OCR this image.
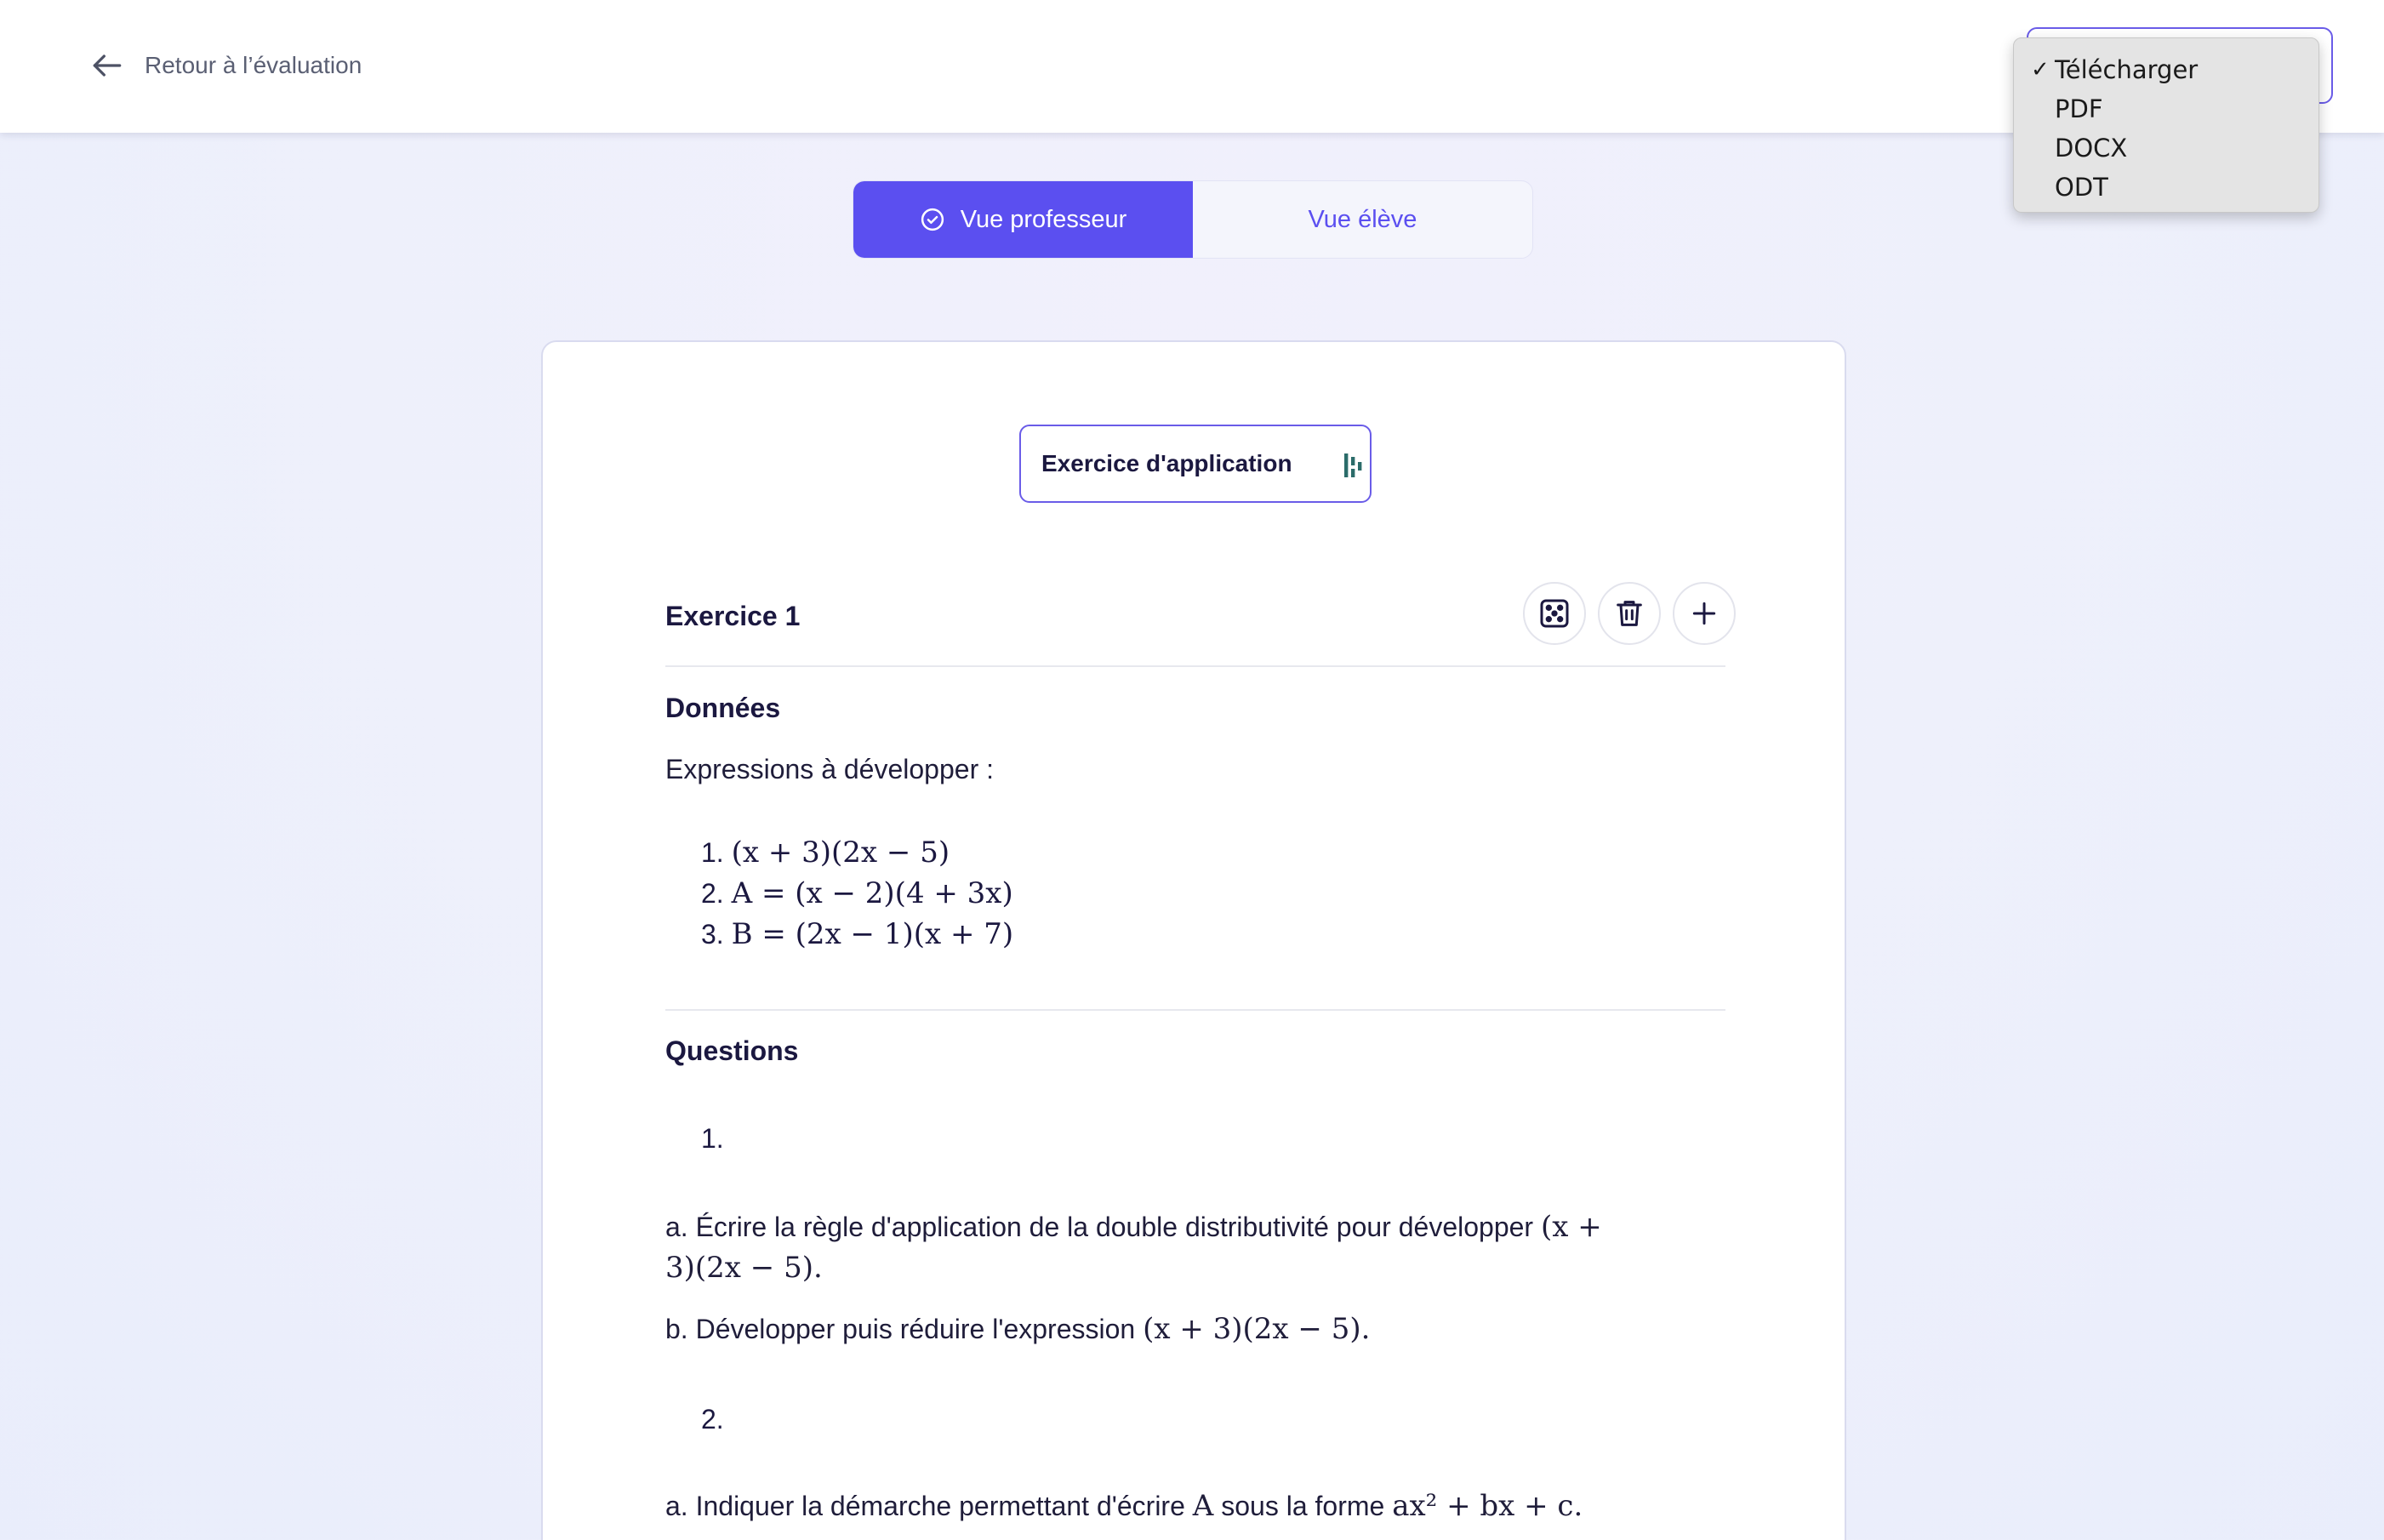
Retour à l’évaluation	✓ Télécharger
PDF
DOCX
ODT
Vue professeur	Vue élève
Exercice d'application
Exercice 1
Données
Expressions à développer :
1. (x + 3)(2x − 5)
2. A = (x − 2)(4 + 3x)
3. B = (2x − 1)(x + 7)
Questions
1.
a. Écrire la règle d'application de la double distributivité pour développer (x +
3)(2x − 5).
b. Développer puis réduire l'expression (x + 3)(2x − 5).
2.
a. Indiquer la démarche permettant d'écrire A sous la forme ax² + bx + c.
